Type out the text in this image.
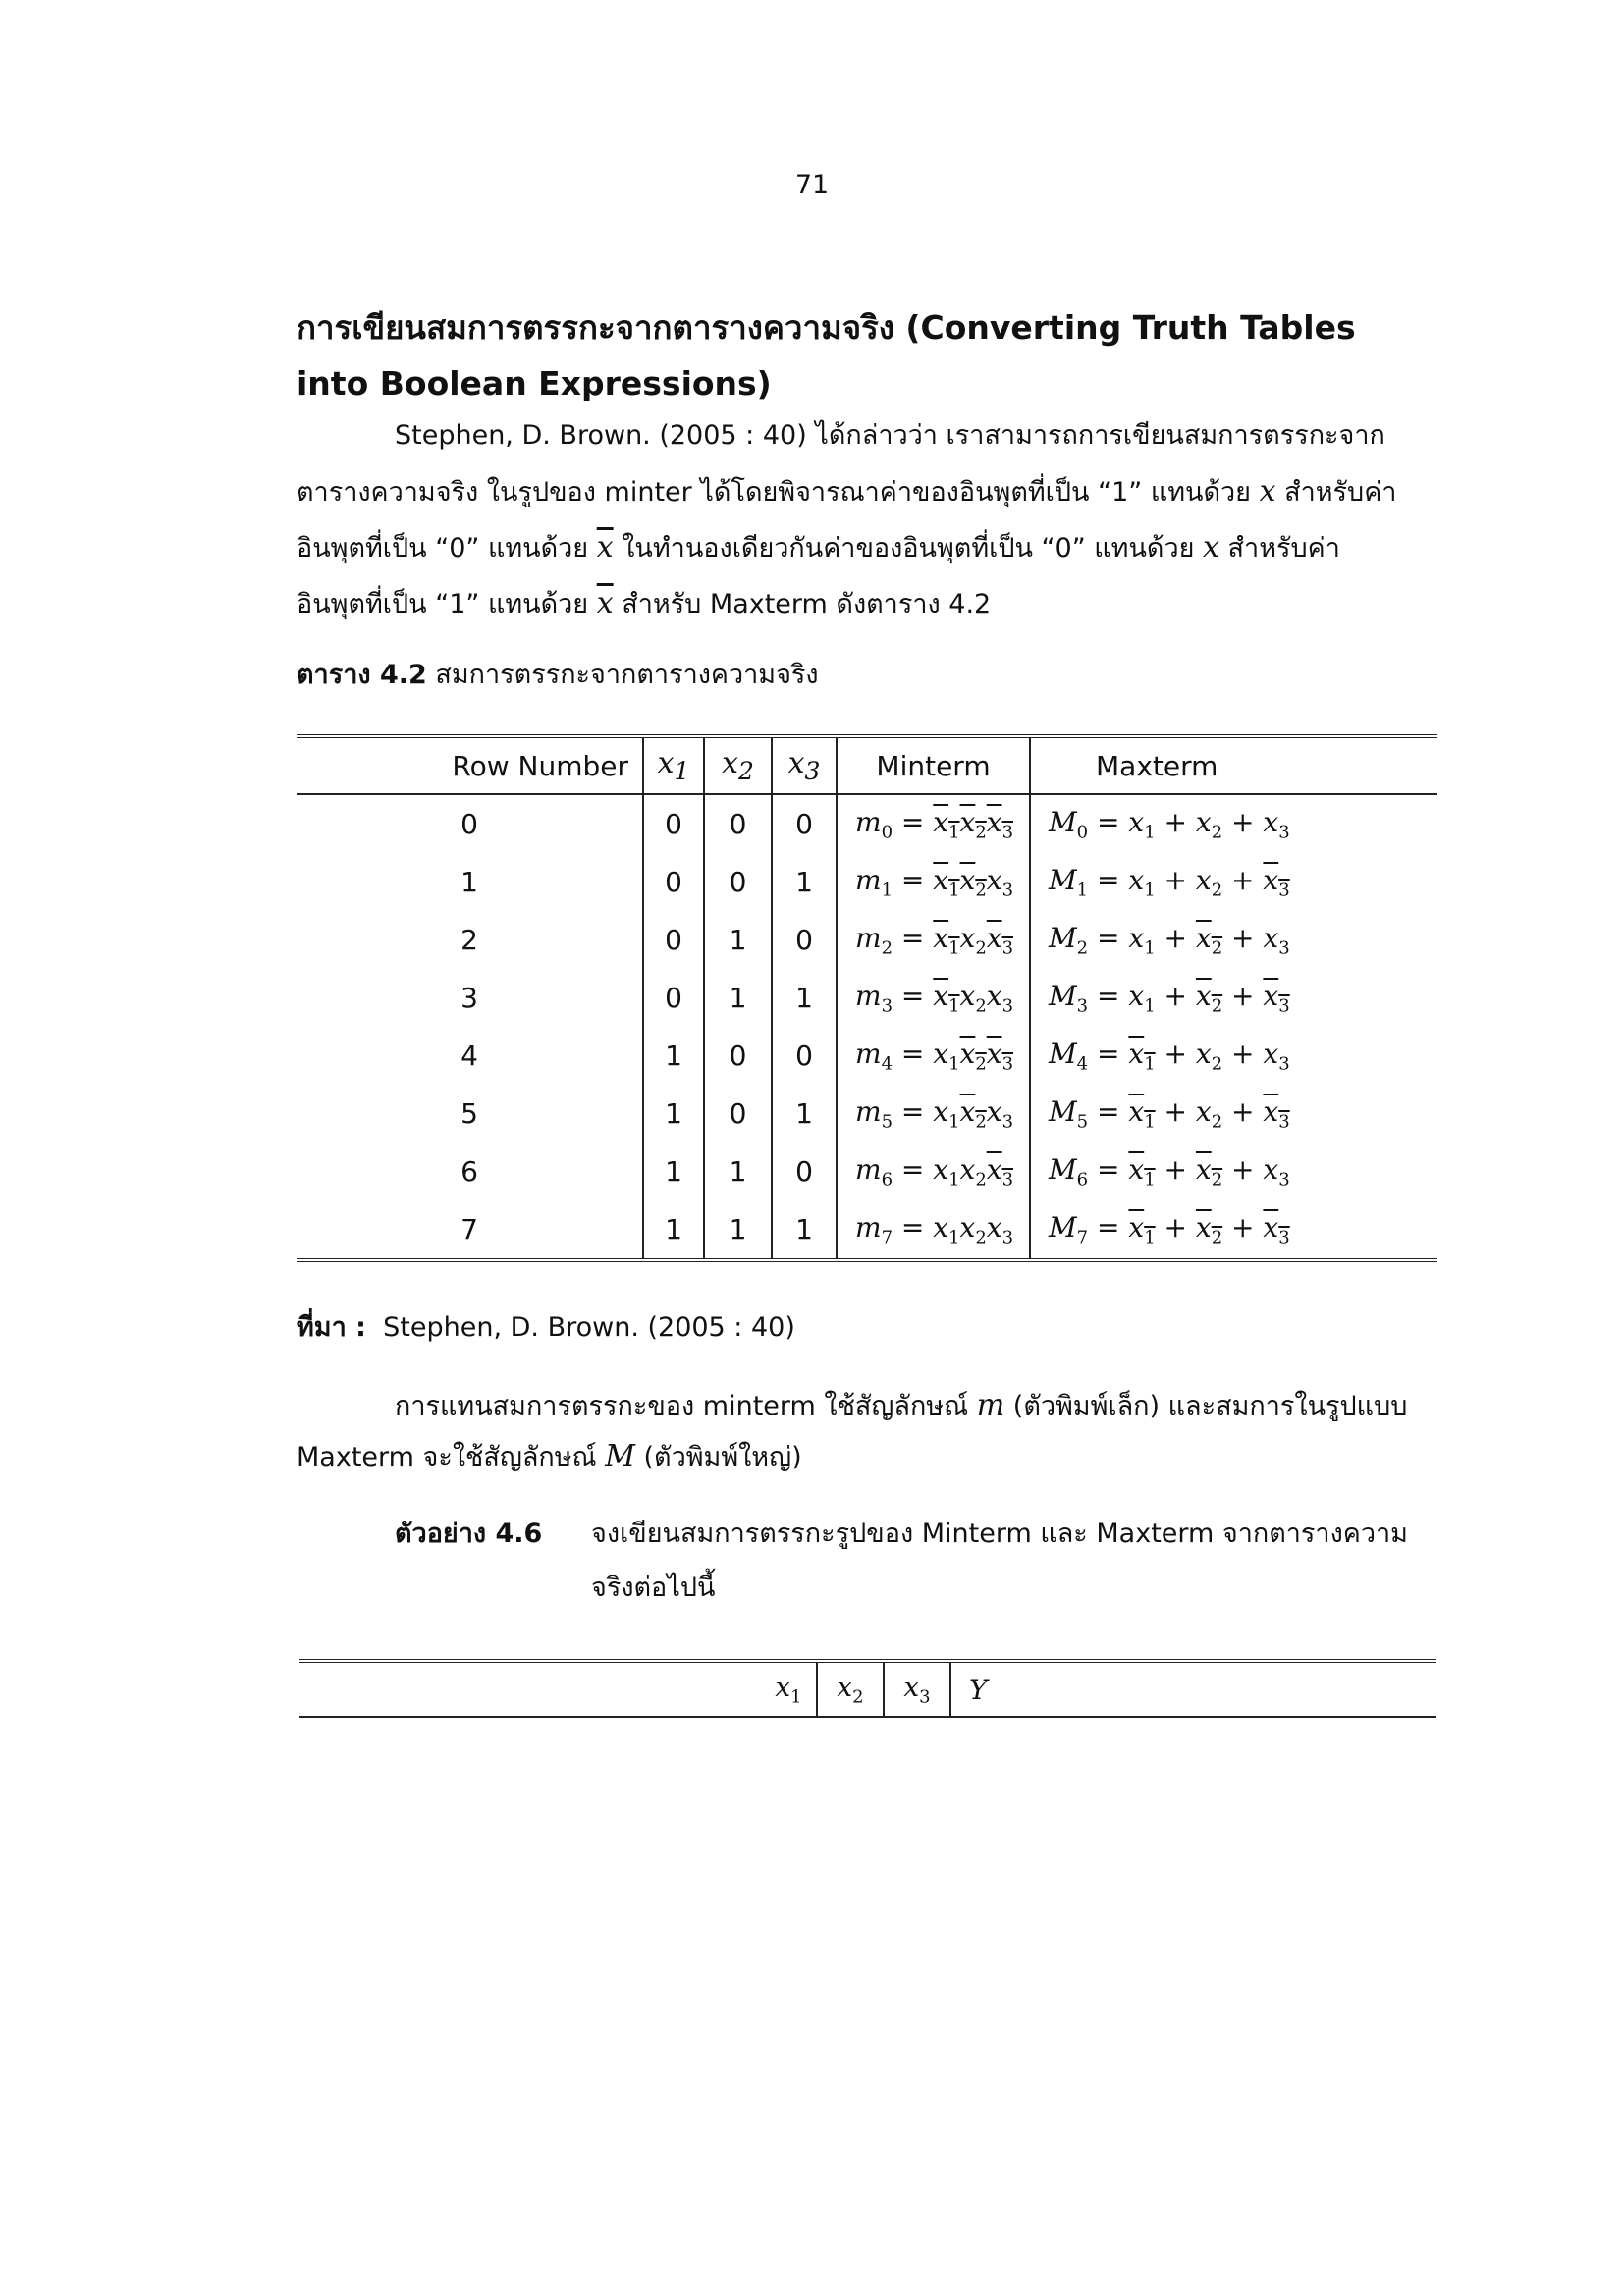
71
การเขียนสมการตรรกะจากตารางความจริง (Converting Truth Tables into Boolean Expressions)
Stephen, D. Brown. (2005 : 40) ได้กล่าวว่า เราสามารถการเขียนสมการตรรกะจาก
ตารางความจริง ในรูปของ minter ได้โดยพิจารณาค่าของอินพุตที่เป็น “1” แทนด้วย x สำหรับค่า
อินพุตที่เป็น “0” แทนด้วย $\overline{x}$ ในทำนองเดียวกันค่าของอินพุตที่เป็น “0” แทนด้วย x สำหรับค่า
อินพุตที่เป็น “1” แทนด้วย $\overline{x}$ สำหรับ Maxterm ดังตาราง 4.2
ตาราง 4.2 สมการตรรกะจากตารางความจริง
Row Number	$x_1$	$x_2$	$x_3$	Minterm	Maxterm
0	0	0	0	$m_0 = x_1x_2x_3$	$M_0 = x_1 + x_2 + x_3$
1	0	0	1	$m_1 = x_1x_2x_3$	$M_1 = x_1 + x_2 + x_3$
2	0	1	0	$m_2 = x_1x_2x_3$	$M_2 = x_1 + x_2 + x_3$
3	0	1	1	$m_3 = x_1x_2x_3$	$M_3 = x_1 + x_2 + x_3$
4	1	0	0	$m_4 = x_1x_2x_3$	$M_4 = x_1 + x_2 + x_3$
5	1	0	1	$m_5 = x_1x_2x_3$	$M_5 = x_1 + x_2 + x_3$
6	1	1	0	$m_6 = x_1x_2x_3$	$M_6 = x_1 + x_2 + x_3$
7	1	1	1	$m_7 = x_1x_2x_3$	$M_7 = x_1 + x_2 + x_3$
ที่มา : Stephen, D. Brown. (2005 : 40)
การแทนสมการตรรกะของ minterm ใช้สัญลักษณ์ m (ตัวพิมพ์เล็ก) และสมการในรูปแบบ
Maxterm จะใช้สัญลักษณ์ M (ตัวพิมพ์ใหญ่)
ตัวอย่าง 4.6 จงเขียนสมการตรรกะรูปของ Minterm และ Maxterm จากตารางความจริงต่อไปนี้
	$x_1$	$x_2$	$x_3$	Y
